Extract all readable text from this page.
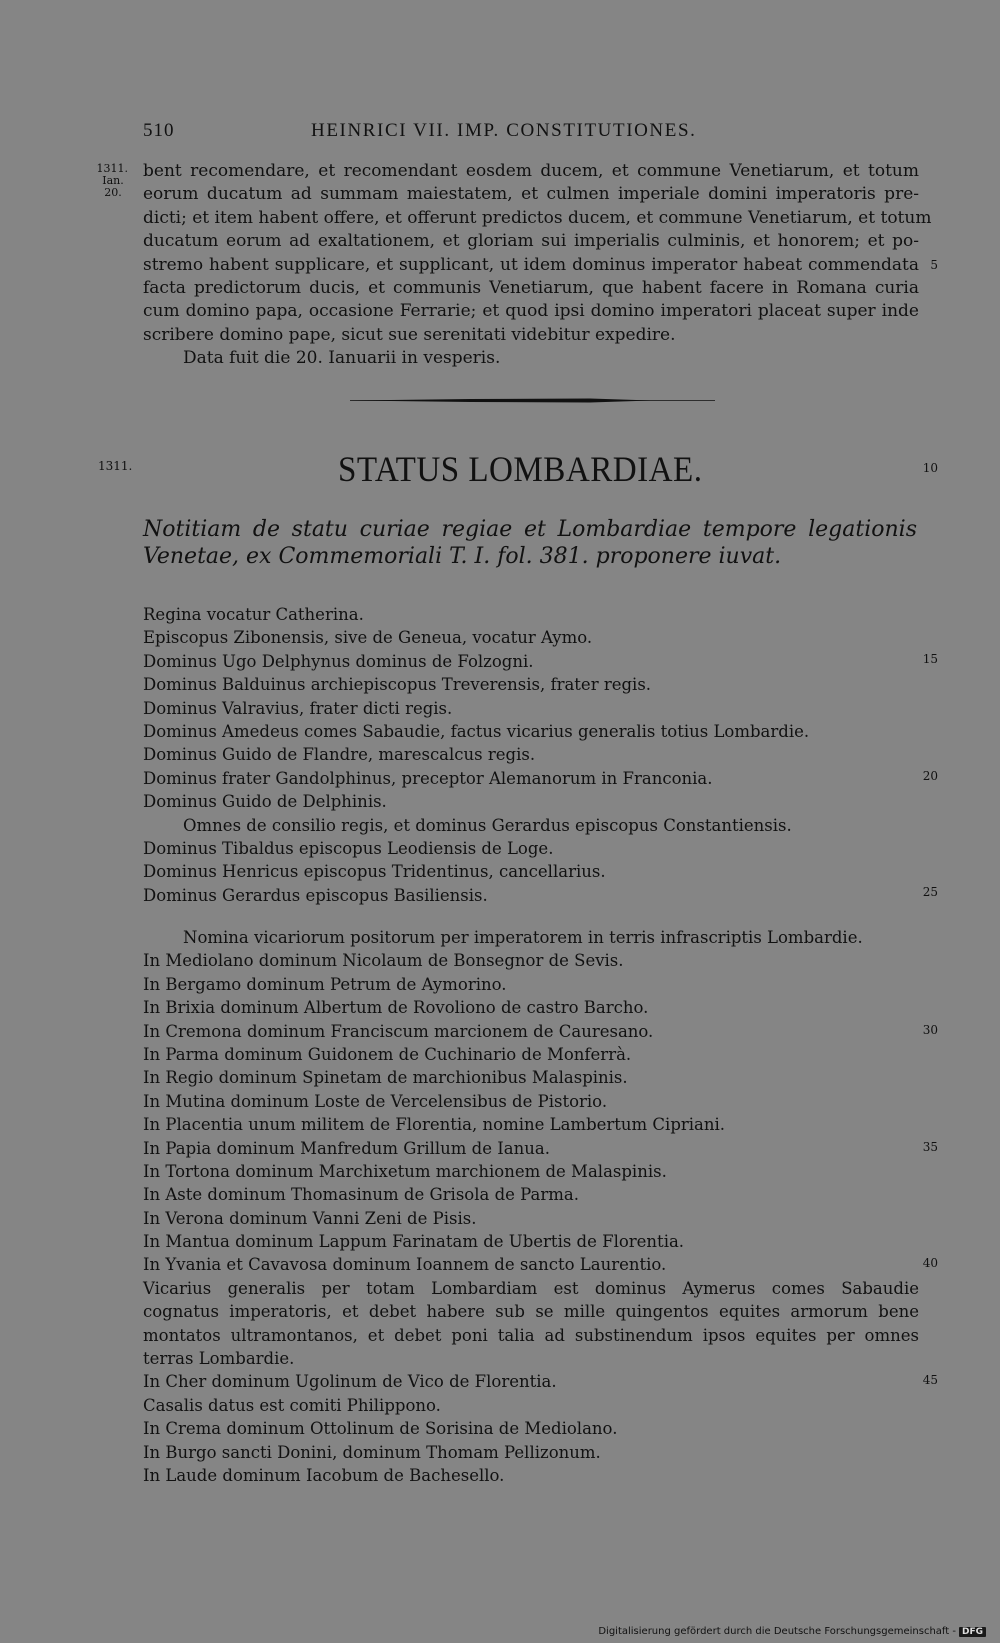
510	HEINRICI VII. IMP. CONSTITUTIONES.
1311.
Ian.
20.
bent recomendare, et recomendant eosdem ducem, et commune Venetiarum, et totum
eorum ducatum ad summam maiestatem, et culmen imperiale domini imperatoris pre-
dicti; et item habent offere, et offerunt predictos ducem, et commune Venetiarum, et totum
ducatum eorum ad exaltationem, et gloriam sui imperialis culminis, et honorem; et po-
stremo habent supplicare, et supplicant, ut idem dominus imperator habeat commendata
facta predictorum ducis, et communis Venetiarum, que habent facere in Romana curia
cum domino papa, occasione Ferrarie; et quod ipsi domino imperatori placeat super inde
scribere domino pape, sicut sue serenitati videbitur expedire.
Data fuit die 20. Ianuarii in vesperis.
5
1311.	STATUS LOMBARDIAE.	10
Notitiam de statu curiae regiae et Lombardiae tempore legationis
Venetae, ex Commemoriali T. I. fol. 381. proponere iuvat.
Regina vocatur Catherina.
Episcopus Zibonensis, sive de Geneua, vocatur Aymo.
Dominus Ugo Delphynus dominus de Folzogni.
Dominus Balduinus archiepiscopus Treverensis, frater regis.
Dominus Valravius, frater dicti regis.
Dominus Amedeus comes Sabaudie, factus vicarius generalis totius Lombardie.
Dominus Guido de Flandre, marescalcus regis.
Dominus frater Gandolphinus, preceptor Alemanorum in Franconia.
Dominus Guido de Delphinis.
Omnes de consilio regis, et dominus Gerardus episcopus Constantiensis.
Dominus Tibaldus episcopus Leodiensis de Loge.
Dominus Henricus episcopus Tridentinus, cancellarius.
Dominus Gerardus episcopus Basiliensis.
15
20
25
Nomina vicariorum positorum per imperatorem in terris infrascriptis Lombardie.
In Mediolano dominum Nicolaum de Bonsegnor de Sevis.
In Bergamo dominum Petrum de Aymorino.
In Brixia dominum Albertum de Rovoliono de castro Barcho.
In Cremona dominum Franciscum marcionem de Cauresano.
In Parma dominum Guidonem de Cuchinario de Monferrà.
In Regio dominum Spinetam de marchionibus Malaspinis.
In Mutina dominum Loste de Vercelensibus de Pistorio.
In Placentia unum militem de Florentia, nomine Lambertum Cipriani.
In Papia dominum Manfredum Grillum de Ianua.
In Tortona dominum Marchixetum marchionem de Malaspinis.
In Aste dominum Thomasinum de Grisola de Parma.
In Verona dominum Vanni Zeni de Pisis.
In Mantua dominum Lappum Farinatam de Ubertis de Florentia.
In Yvania et Cavavosa dominum Ioannem de sancto Laurentio.
Vicarius generalis per totam Lombardiam est dominus Aymerus comes Sabaudie
cognatus imperatoris, et debet habere sub se mille quingentos equites armorum bene
montatos ultramontanos, et debet poni talia ad substinendum ipsos equites per omnes
terras Lombardie.
In Cher dominum Ugolinum de Vico de Florentia.
Casalis datus est comiti Philippono.
In Crema dominum Ottolinum de Sorisina de Mediolano.
In Burgo sancti Donini, dominum Thomam Pellizonum.
In Laude dominum Iacobum de Bachesello.
30
35
40
45
Digitalisierung gefördert durch die Deutsche Forschungsgemeinschaft - DFG
